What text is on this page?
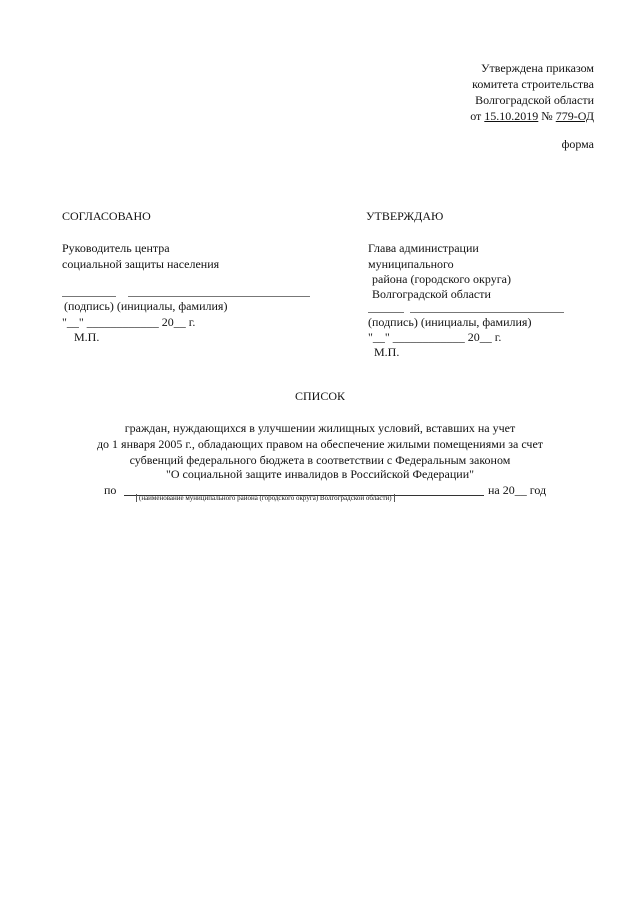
Утверждена приказом
комитета строительства
Волгоградской области
от 15.10.2019 № 779-ОД
форма
СОГЛАСОВАНО
Руководитель центра
социальной защиты населения
(подпись) (инициалы, фамилия)
"__" ____________ 20__ г.
М.П.
УТВЕРЖДАЮ
Глава администрации
муниципального
района (городского округа)
Волгоградской области
(подпись) (инициалы, фамилия)
"__" ____________ 20__ г.
М.П.
СПИСОК
граждан, нуждающихся в улучшении жилищных условий, вставших на учет
до 1 января 2005 г., обладающих правом на обеспечение жилыми помещениями за счет
субвенций федерального бюджета в соответствии с Федеральным законом
"О социальной защите инвалидов в Российской Федерации"
по	на 20__ год
(наименование муниципального района (городского округа) Волгоградской области)
